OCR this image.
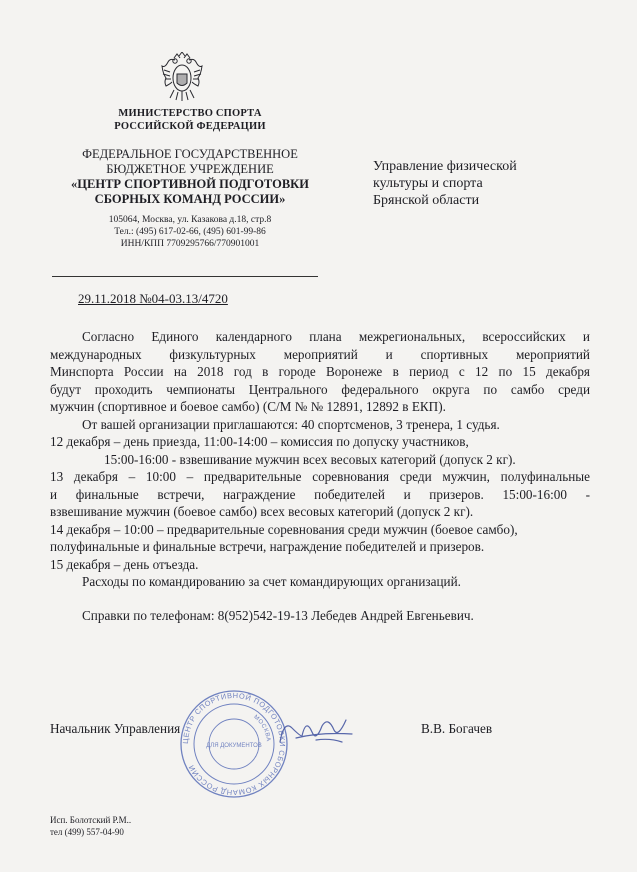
МИНИСТЕРСТВО СПОРТА
РОССИЙСКОЙ ФЕДЕРАЦИИ
ФЕДЕРАЛЬНОЕ ГОСУДАРСТВЕННОЕ
БЮДЖЕТНОЕ УЧРЕЖДЕНИЕ
«ЦЕНТР СПОРТИВНОЙ ПОДГОТОВКИ
СБОРНЫХ КОМАНД РОССИИ»
105064, Москва, ул. Казакова д.18, стр.8
Тел.: (495) 617-02-66, (495) 601-99-86
ИНН/КПП 7709295766/770901001
Управление физической
культуры и спорта
Брянской области
29.11.2018 №04-03.13/4720

Согласно Единого календарного плана межрегиональных, всероссийских и

международных физкультурных мероприятий и спортивных мероприятий

Минспорта России на 2018 год в городе Воронеже в период с 12 по 15 декабря

будут проходить чемпионаты Центрального федерального округа по самбо среди

мужчин (спортивное и боевое самбо) (С/М № № 12891, 12892 в ЕКП).

От вашей организации приглашаются: 40 спортсменов, 3 тренера, 1 судья.

12 декабря – день приезда, 11:00-14:00 – комиссия по допуску участников,

15:00-16:00 - взвешивание мужчин всех весовых категорий (допуск 2 кг).

13 декабря – 10:00 – предварительные соревнования среди мужчин, полуфинальные

и финальные встречи, награждение победителей и призеров. 15:00-16:00 -

взвешивание мужчин (боевое самбо) всех весовых категорий (допуск 2 кг).

14 декабря – 10:00 – предварительные соревнования среди мужчин (боевое самбо),

полуфинальные и финальные встречи, награждение победителей и призеров.

15 декабря – день отъезда.

Расходы по командированию за счет командирующих организаций.

Справки по телефонам: 8(952)542-19-13 Лебедев Андрей Евгеньевич.

ЦЕНТР СПОРТИВНОЙ ПОДГОТОВКИ СБОРНЫХ КОМАНД РОССИИ
МОСКВА
ДЛЯ ДОКУМЕНТОВ
Начальник Управления	В.В. Богачев
Исп. Болотский Р.М..
тел (499) 557-04-90
